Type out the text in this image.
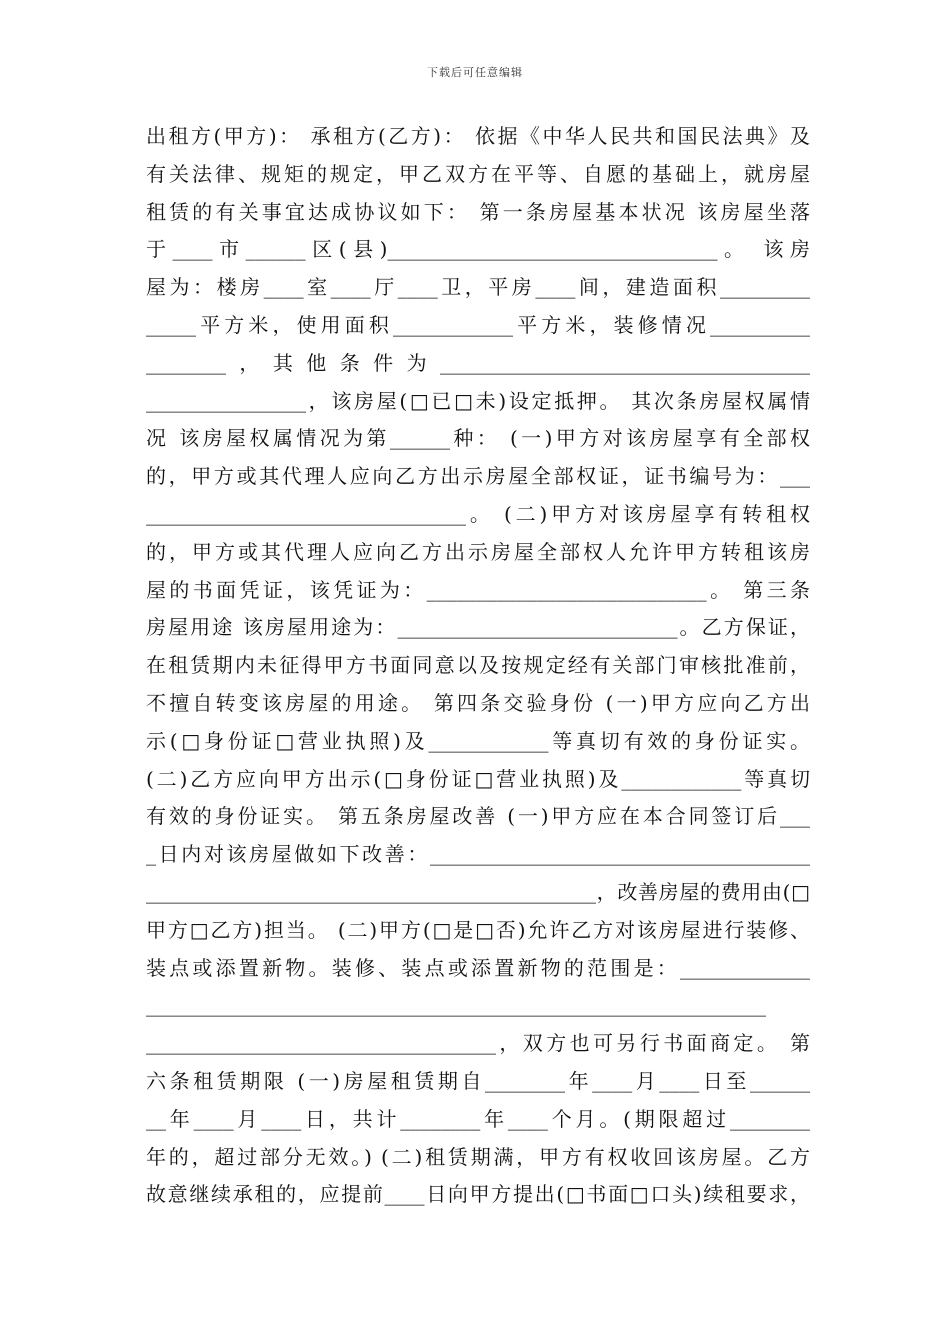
下载后可任意编辑
出租方(甲方)： 承租方(乙方)： 依据《中华人民共和国民法典》及
有关法律、规矩的规定，甲乙双方在平等、自愿的基础上，就房屋
租赁的有关事宜达成协议如下： 第一条房屋基本状况 该房屋坐落
于____市______区(县)_________________________________。 该房
屋为：楼房____室____厅____卫，平房____间，建造面积_________
_____平方米，使用面积____________平方米，装修情况__________
________，其他条件为_____________________________________
________________，该房屋(□已□未)设定抵押。 其次条房屋权属情
况 该房屋权属情况为第______种： (一)甲方对该房屋享有全部权
的，甲方或其代理人应向乙方出示房屋全部权证，证书编号为：___
________________________________。 (二)甲方对该房屋享有转租权
的，甲方或其代理人应向乙方出示房屋全部权人允许甲方转租该房
屋的书面凭证，该凭证为：____________________________。 第三条
房屋用途 该房屋用途为：____________________________。乙方保证，
在租赁期内未征得甲方书面同意以及按规定经有关部门审核批准前，
不擅自转变该房屋的用途。 第四条交验身份 (一)甲方应向乙方出
示(□身份证□营业执照)及____________等真切有效的身份证实。
(二)乙方应向甲方出示(□身份证□营业执照)及____________等真切
有效的身份证实。 第五条房屋改善 (一)甲方应在本合同签订后___
_日内对该房屋做如下改善：______________________________________
_____________________________________________，改善房屋的费用由(□
甲方□乙方)担当。 (二)甲方(□是□否)允许乙方对该房屋进行装修、
装点或添置新物。装修、装点或添置新物的范围是：_____________
______________________________________________________________
___________________________________，双方也可另行书面商定。 第
六条租赁期限 (一)房屋租赁期自________年____月____日至______
__年____月____日，共计________年____个月。(期限超过________
年的，超过部分无效。) (二)租赁期满，甲方有权收回该房屋。乙方
故意继续承租的，应提前____日向甲方提出(□书面□口头)续租要求，
